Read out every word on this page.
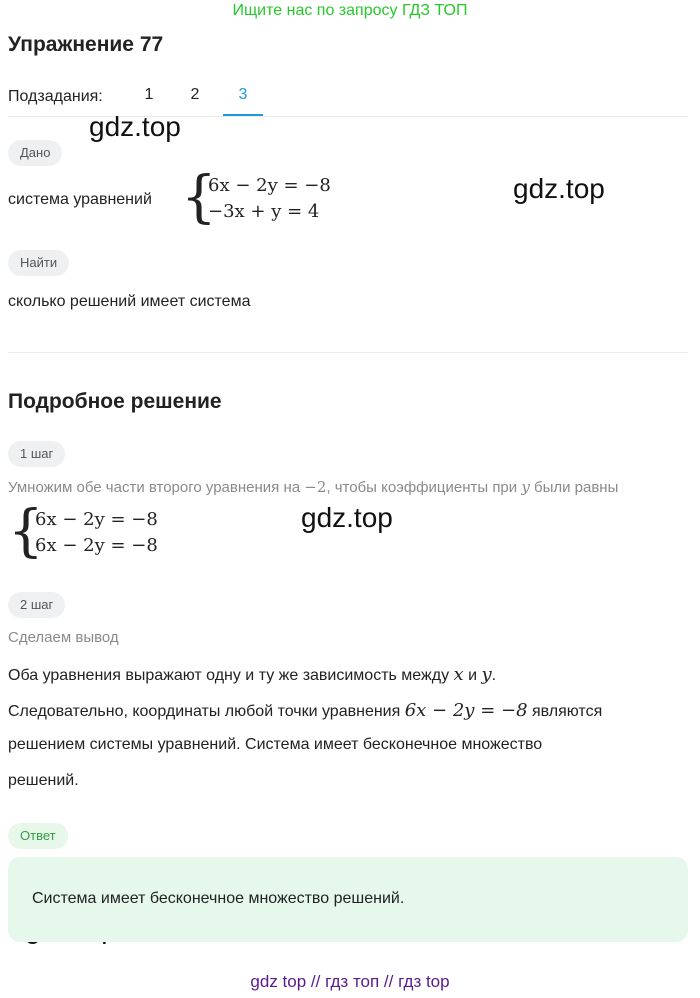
Ищите нас по запросу ГДЗ ТОП
Упражнение 77
Подзадания:	1	2	3
gdz.top
gdz.top
gdz.top
Дано
система уравнений {
6x − 2y = −8
−3x + y = 4
Найти
сколько решений имеет система
Подробное решение
1 шаг
Умножим обе части второго уравнения на −2, чтобы коэффициенты при y были равны
{
6x − 2y = −8
6x − 2y = −8
2 шаг
Сделаем вывод
Оба уравнения выражают одну и ту же зависимость между x и y.
Следовательно, координаты любой точки уравнения 6x − 2y = −8 являются
решением системы уравнений. Система имеет бесконечное множество
решений.
Ответ
Система имеет бесконечное множество решений.
gdz top // гдз топ // гдз top
